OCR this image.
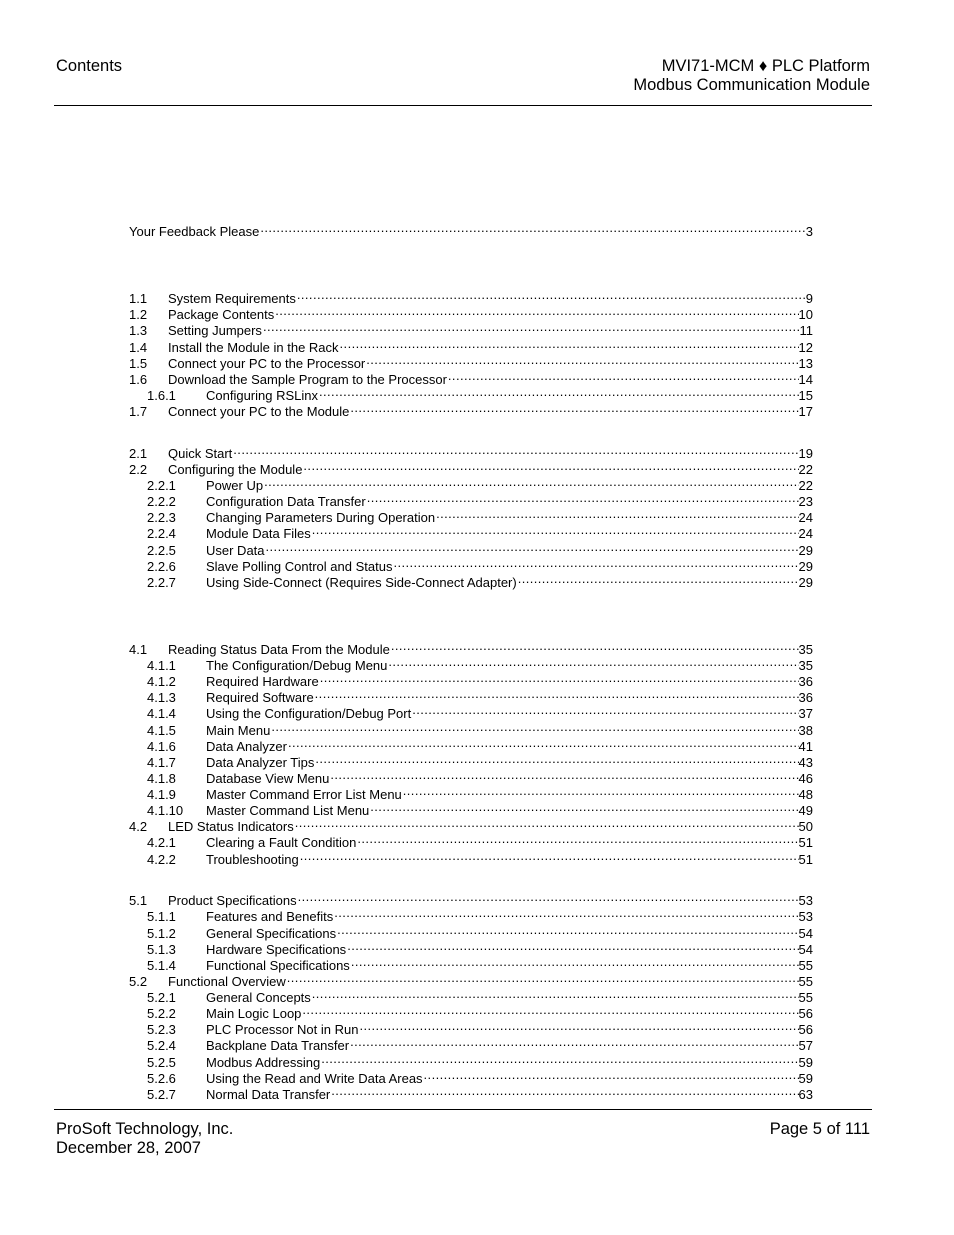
Contents	MVI71-MCM ♦ PLC Platform
Modbus Communication Module
Your Feedback Please .....	3
1.1	System Requirements .....	9
1.2	Package Contents .....	10
1.3	Setting Jumpers .....	11
1.4	Install the Module in the Rack .....	12
1.5	Connect your PC to the Processor .....	13
1.6	Download the Sample Program to the Processor .....	14
1.6.1	Configuring RSLinx .....	15
1.7	Connect your PC to the Module .....	17
2.1	Quick Start .....	19
2.2	Configuring the Module .....	22
2.2.1	Power Up .....	22
2.2.2	Configuration Data Transfer .....	23
2.2.3	Changing Parameters During Operation .....	24
2.2.4	Module Data Files .....	24
2.2.5	User Data .....	29
2.2.6	Slave Polling Control and Status .....	29
2.2.7	Using Side-Connect (Requires Side-Connect Adapter) .....	29
4.1	Reading Status Data From the Module .....	35
4.1.1	The Configuration/Debug Menu .....	35
4.1.2	Required Hardware .....	36
4.1.3	Required Software .....	36
4.1.4	Using the Configuration/Debug Port .....	37
4.1.5	Main Menu .....	38
4.1.6	Data Analyzer .....	41
4.1.7	Data Analyzer Tips .....	43
4.1.8	Database View Menu .....	46
4.1.9	Master Command Error List Menu .....	48
4.1.10	Master Command List Menu .....	49
4.2	LED Status Indicators .....	50
4.2.1	Clearing a Fault Condition .....	51
4.2.2	Troubleshooting .....	51
5.1	Product Specifications .....	53
5.1.1	Features and Benefits .....	53
5.1.2	General Specifications .....	54
5.1.3	Hardware Specifications .....	54
5.1.4	Functional Specifications .....	55
5.2	Functional Overview .....	55
5.2.1	General Concepts .....	55
5.2.2	Main Logic Loop .....	56
5.2.3	PLC Processor Not in Run .....	56
5.2.4	Backplane Data Transfer .....	57
5.2.5	Modbus Addressing .....	59
5.2.6	Using the Read and Write Data Areas .....	59
5.2.7	Normal Data Transfer .....	63
ProSoft Technology, Inc.
December 28, 2007
Page 5 of 111
